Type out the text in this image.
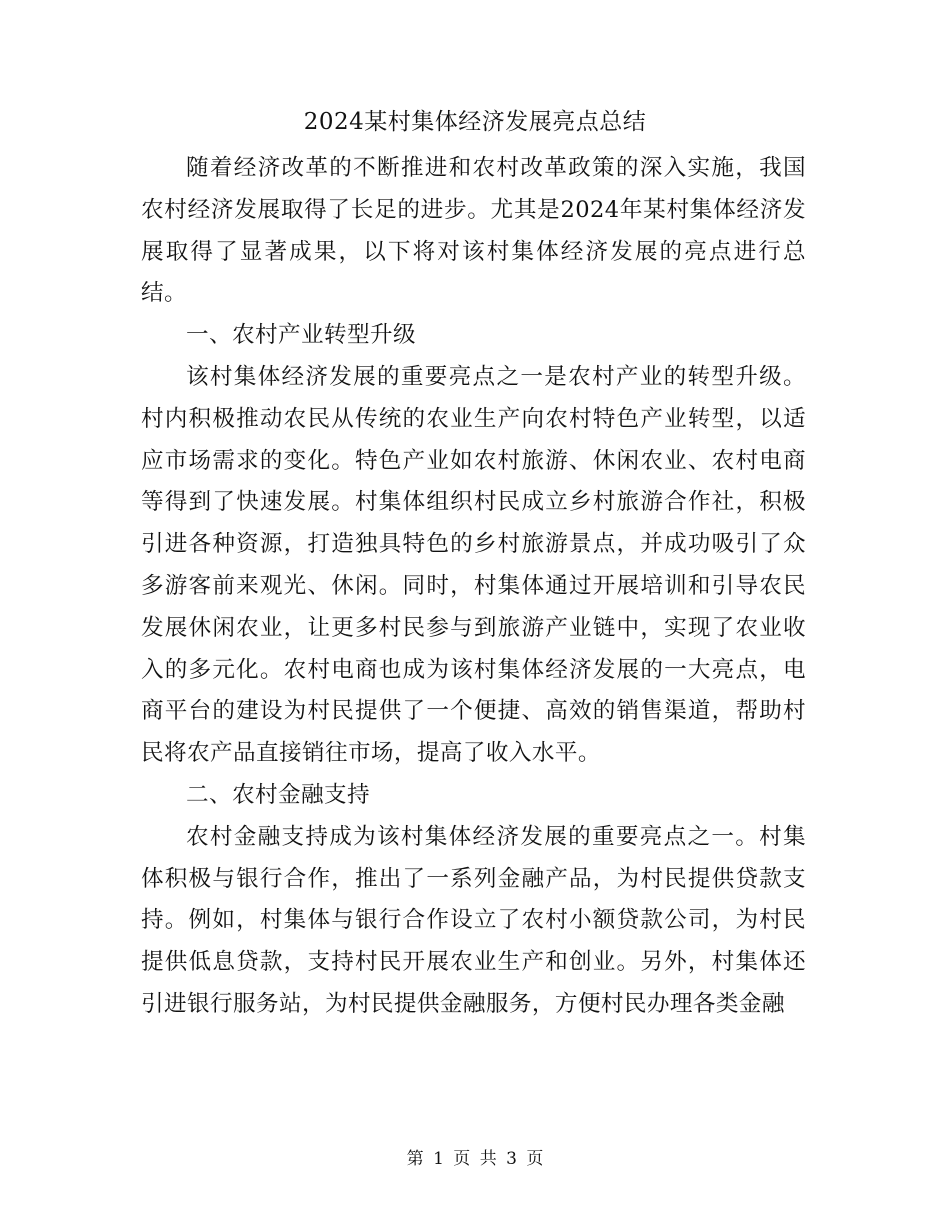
2024某村集体经济发展亮点总结

随着经济改革的不断推进和农村改革政策的深入实施，我国农村经济发展取得了长足的进步。尤其是2024年某村集体经济发展取得了显著成果，以下将对该村集体经济发展的亮点进行总结。

一、农村产业转型升级

该村集体经济发展的重要亮点之一是农村产业的转型升级。村内积极推动农民从传统的农业生产向农村特色产业转型，以适应市场需求的变化。特色产业如农村旅游、休闲农业、农村电商等得到了快速发展。村集体组织村民成立乡村旅游合作社，积极引进各种资源，打造独具特色的乡村旅游景点，并成功吸引了众多游客前来观光、休闲。同时，村集体通过开展培训和引导农民发展休闲农业，让更多村民参与到旅游产业链中，实现了农业收入的多元化。农村电商也成为该村集体经济发展的一大亮点，电商平台的建设为村民提供了一个便捷、高效的销售渠道，帮助村民将农产品直接销往市场，提高了收入水平。

二、农村金融支持

农村金融支持成为该村集体经济发展的重要亮点之一。村集体积极与银行合作，推出了一系列金融产品，为村民提供贷款支持。例如，村集体与银行合作设立了农村小额贷款公司，为村民提供低息贷款，支持村民开展农业生产和创业。另外，村集体还引进银行服务站，为村民提供金融服务，方便村民办理各类金融

第 1 页 共 3 页
